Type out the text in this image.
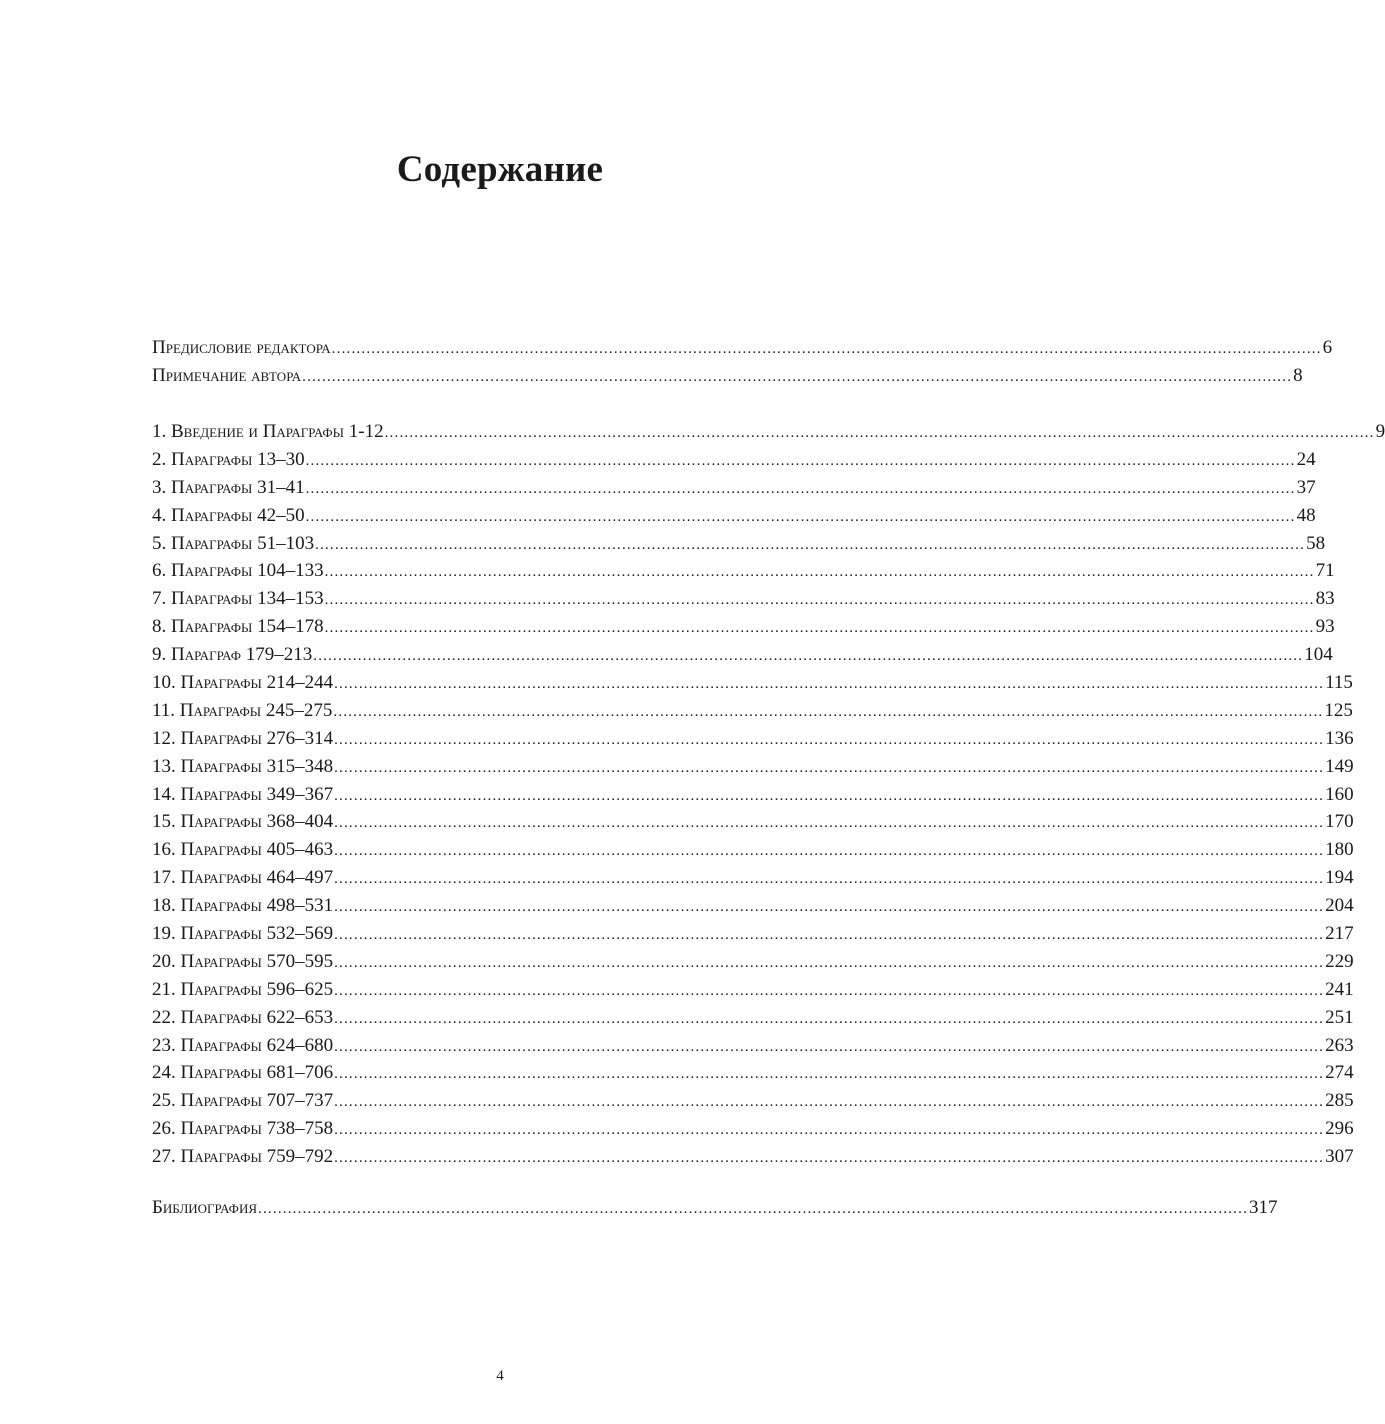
Содержание
Предисловие редактора ........................................................................................................................................................................................................ 6
Примечание автора ........................................................................................................................................................................................................ 8
1. Введение и Параграфы 1-12 ........................................................................................................................................................................................................ 9
2. Параграфы 13–30 ........................................................................................................................................................................................................ 24
3. Параграфы 31–41 ........................................................................................................................................................................................................ 37
4. Параграфы 42–50 ........................................................................................................................................................................................................ 48
5. Параграфы 51–103 ........................................................................................................................................................................................................ 58
6. Параграфы 104–133 ........................................................................................................................................................................................................ 71
7. Параграфы 134–153 ........................................................................................................................................................................................................ 83
8. Параграфы 154–178 ........................................................................................................................................................................................................ 93
9. Параграф 179–213 ........................................................................................................................................................................................................ 104
10. Параграфы 214–244 ........................................................................................................................................................................................................ 115
11. Параграфы 245–275 ........................................................................................................................................................................................................ 125
12. Параграфы 276–314 ........................................................................................................................................................................................................ 136
13. Параграфы 315–348 ........................................................................................................................................................................................................ 149
14. Параграфы 349–367 ........................................................................................................................................................................................................ 160
15. Параграфы 368–404 ........................................................................................................................................................................................................ 170
16. Параграфы 405–463 ........................................................................................................................................................................................................ 180
17. Параграфы 464–497 ........................................................................................................................................................................................................ 194
18. Параграфы 498–531 ........................................................................................................................................................................................................ 204
19. Параграфы 532–569 ........................................................................................................................................................................................................ 217
20. Параграфы 570–595 ........................................................................................................................................................................................................ 229
21. Параграфы 596–625 ........................................................................................................................................................................................................ 241
22. Параграфы 622–653 ........................................................................................................................................................................................................ 251
23. Параграфы 624–680 ........................................................................................................................................................................................................ 263
24. Параграфы 681–706 ........................................................................................................................................................................................................ 274
25. Параграфы 707–737 ........................................................................................................................................................................................................ 285
26. Параграфы 738–758 ........................................................................................................................................................................................................ 296
27. Параграфы 759–792 ........................................................................................................................................................................................................ 307
Библиография ........................................................................................................................................................................................................ 317
4
